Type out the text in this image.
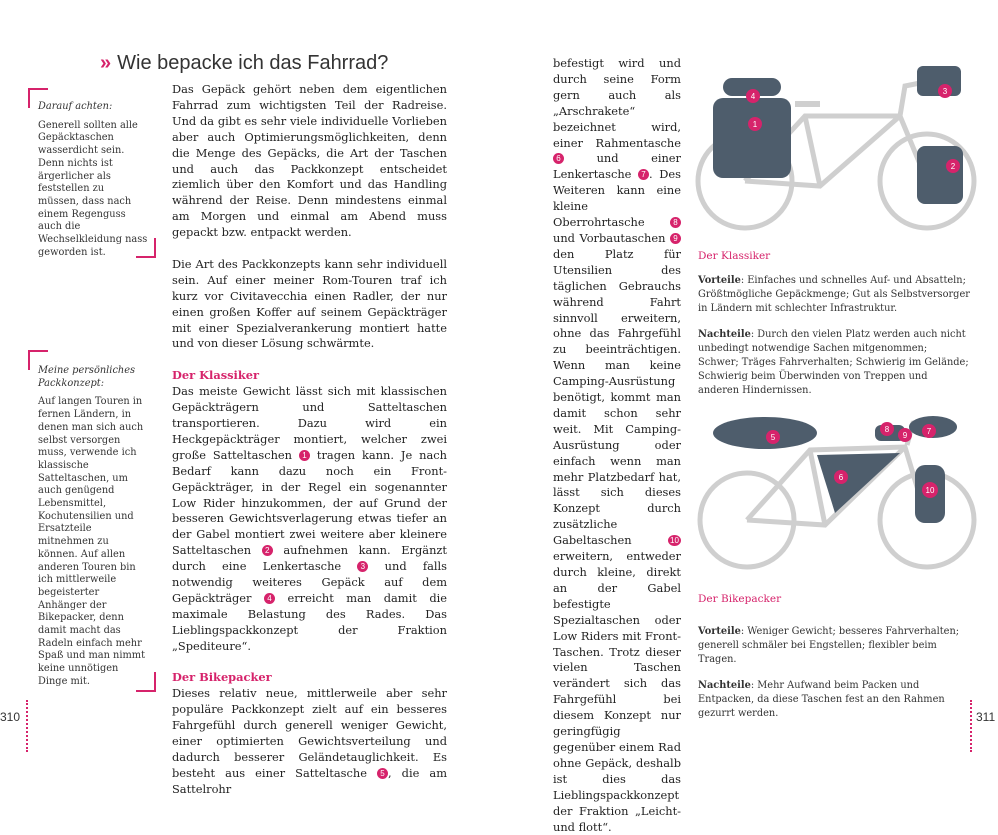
» Wie bepacke ich das Fahrrad?
Darauf achten:
Generell sollten alle Gepäcktaschen wasserdicht sein. Denn nichts ist ärgerlicher als feststellen zu müssen, dass nach einem Regenguss auch die Wechselkleidung nass geworden ist.
Meine persönliches Packkonzept:
Auf langen Touren in fernen Ländern, in denen man sich auch selbst versorgen muss, verwende ich klassische Satteltaschen, um auch genügend Lebensmittel, Kochutensilien und Ersatzteile mitnehmen zu können. Auf allen anderen Touren bin ich mittlerweile begeisterter Anhänger der Bikepacker, denn damit macht das Radeln einfach mehr Spaß und man nimmt keine unnötigen Dinge mit.

Das Gepäck gehört neben dem eigentlichen Fahrrad zum wichtigsten Teil der Radreise. Und da gibt es sehr viele individuelle Vorlieben aber auch Optimierungsmöglichkeiten, denn die Menge des Gepäcks, die Art der Taschen und auch das Packkonzept entscheidet ziemlich über den Komfort und das Handling während der Reise. Denn mindestens einmal am Morgen und einmal am Abend muss gepackt bzw. entpackt werden.

Die Art des Packkonzepts kann sehr individuell sein. Auf einer meiner Rom-Touren traf ich kurz vor Civitavecchia einen Radler, der nur einen großen Koffer auf seinem Gepäckträger mit einer Spezialverankerung montiert hatte und von dieser Lösung schwärmte.

Der Klassiker
Das meiste Gewicht lässt sich mit klassischen Gepäckträgern und Satteltaschen transportieren. Dazu wird ein Heckgepäckträger montiert, welcher zwei große Satteltaschen 1 tragen kann. Je nach Bedarf kann dazu noch ein Front-Gepäckträger, in der Regel ein sogenannter Low Rider hinzukommen, der auf Grund der besseren Gewichtsverlagerung etwas tiefer an der Gabel montiert zwei weitere aber kleinere Satteltaschen 2 aufnehmen kann. Ergänzt durch eine Lenkertasche 3 und falls notwendig weiteres Gepäck auf dem Gepäckträger 4 erreicht man damit die maximale Belastung des Rades. Das Lieblingspackkonzept der Fraktion „Spediteure“.

Der Bikepacker
Dieses relativ neue, mittlerweile aber sehr populäre Packkonzept zielt auf ein besseres Fahrgefühl durch generell weniger Gewicht, einer optimierten Gewichtsverteilung und dadurch besserer Geländetauglichkeit. Es besteht aus einer Satteltasche 5 , die am Sattelrohr

310
befestigt wird und durch seine Form gern auch als „Arschrakete“ bezeichnet wird, einer Rahmentasche 6	und einer Lenkertasche 7 . Des Weiteren kann eine kleine Oberrohrtasche	8 und Vorbautaschen 9 den Platz für Utensilien des täglichen Gebrauchs während Fahrt sinnvoll erweitern, ohne das Fahrgefühl zu beeinträchtigen. Wenn man keine Camping-Ausrüstung benötigt, kommt man damit schon sehr weit. Mit Camping-Ausrüstung oder einfach wenn man mehr Platzbedarf hat, lässt sich dieses Konzept durch zusätzliche Gabeltaschen	10 erweitern, entweder durch kleine, direkt an der Gabel befestigte Spezialtaschen oder Low Riders mit Front-Taschen. Trotz dieser vielen Taschen verändert sich das Fahrgefühl bei diesem Konzept nur geringfügig gegenüber einem Rad ohne Gepäck, deshalb ist dies das Lieblingspackkonzept der Fraktion „Leicht- und flott“.
1
2
3
4
Der Klassiker

Vorteile: Einfaches und schnelles Auf- und Absatteln; Größtmögliche Gepäckmenge; Gut als Selbstversorger in Ländern mit schlechter Infrastruktur.

Nachteile: Durch den vielen Platz werden auch nicht unbedingt notwendige Sachen mitgenommen; Schwer; Träges Fahrverhalten; Schwierig im Gelände; Schwierig beim Überwinden von Treppen und anderen Hindernissen.

5
6
7
8
9
10
Der Bikepacker

Vorteile: Weniger Gewicht; besseres Fahrverhalten; generell schmäler bei Engstellen; flexibler beim Tragen.

Nachteile: Mehr Aufwand beim Packen und Entpacken, da diese Taschen fest an den Rahmen gezurrt werden.	311
